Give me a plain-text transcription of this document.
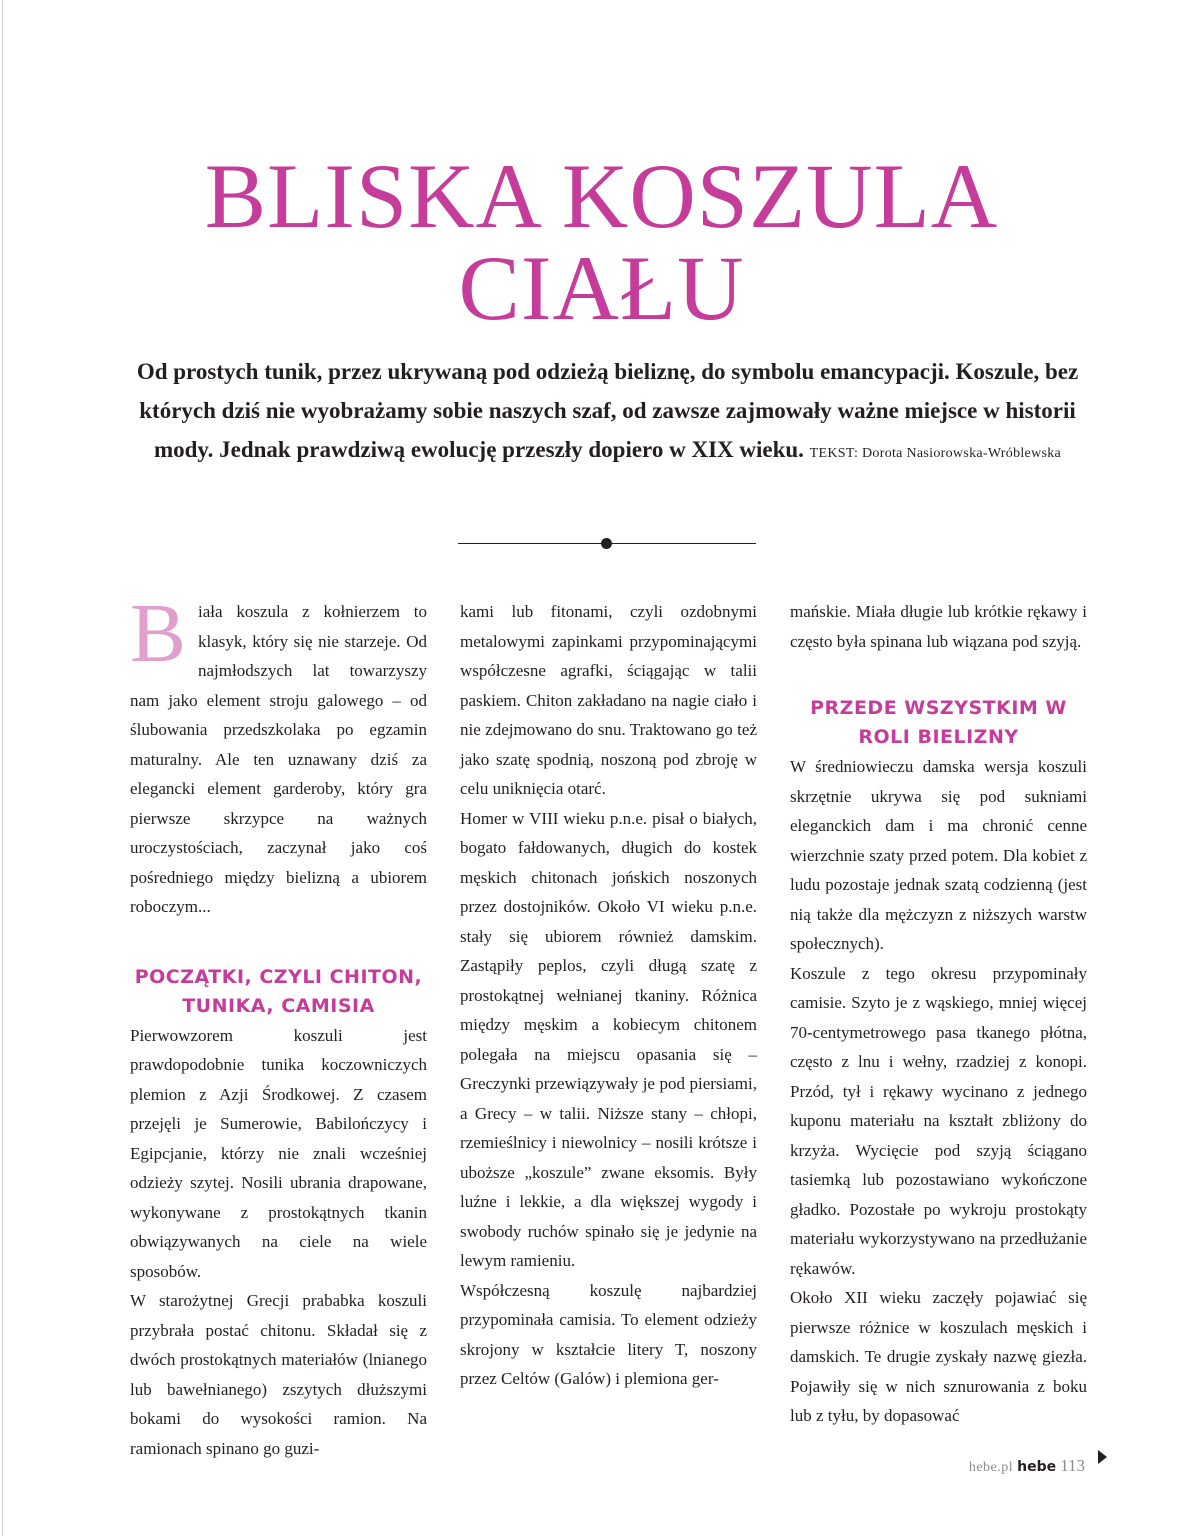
BLISKA KOSZULA
CIAŁU

Od prostych tunik, przez ukrywaną pod odzieżą bieliznę, do symbolu emancypacji. Koszule, bez których dziś nie wyobrażamy sobie naszych szaf, od zawsze zajmowały ważne miejsce w historii mody. Jednak prawdziwą ewolucję przeszły dopiero w XIX wieku. TEKST: Dorota Nasiorowska-Wróblewska

Biała koszula z kołnierzem to klasyk, który się nie starzeje. Od najmłodszych lat towarzyszy nam jako element stroju galowego – od ślubowania przedszkolaka po egzamin maturalny. Ale ten uznawany dziś za elegancki element garderoby, który gra pierwsze skrzypce na ważnych uroczystościach, zaczynał jako coś pośredniego między bielizną a ubiorem roboczym...

POCZĄTKI, CZYLI CHITON, TUNIKA, CAMISIA

Pierwowzorem koszuli jest prawdopodobnie tunika koczowniczych plemion z Azji Środkowej. Z czasem przejęli je Sumerowie, Babilończycy i Egipcjanie, którzy nie znali wcześniej odzieży szytej. Nosili ubrania drapowane, wykonywane z prostokątnych tkanin obwiązywanych na ciele na wiele sposobów.

W starożytnej Grecji prababka koszuli przybrała postać chitonu. Składał się z dwóch prostokątnych materiałów (lnianego lub bawełnianego) zszytych dłuższymi bokami do wysokości ramion. Na ramionach spinano go guzi-

kami lub fitonami, czyli ozdobnymi metalowymi zapinkami przypominającymi współczesne agrafki, ściągając w talii paskiem. Chiton zakładano na nagie ciało i nie zdejmowano do snu. Traktowano go też jako szatę spodnią, noszoną pod zbroję w celu uniknięcia otarć.

Homer w VIII wieku p.n.e. pisał o białych, bogato fałdowanych, długich do kostek męskich chitonach jońskich noszonych przez dostojników. Około VI wieku p.n.e. stały się ubiorem również damskim. Zastąpiły peplos, czyli długą szatę z prostokątnej wełnianej tkaniny. Różnica między męskim a kobiecym chitonem polegała na miejscu opasania się – Greczynki przewiązywały je pod piersiami, a Grecy – w talii. Niższe stany – chłopi, rzemieślnicy i niewolnicy – nosili krótsze i uboższe „koszule” zwane eksomis. Były luźne i lekkie, a dla większej wygody i swobody ruchów spinało się je jedynie na lewym ramieniu.

Współczesną koszulę najbardziej przypominała camisia. To element odzieży skrojony w kształcie litery T, noszony przez Celtów (Galów) i plemiona ger-

mańskie. Miała długie lub krótkie rękawy i często była spinana lub wiązana pod szyją.

PRZEDE WSZYSTKIM W ROLI BIELIZNY

W średniowieczu damska wersja koszuli skrzętnie ukrywa się pod sukniami eleganckich dam i ma chronić cenne wierzchnie szaty przed potem. Dla kobiet z ludu pozostaje jednak szatą codzienną (jest nią także dla mężczyzn z niższych warstw społecznych).

Koszule z tego okresu przypominały camisie. Szyto je z wąskiego, mniej więcej 70-centymetrowego pasa tkanego płótna, często z lnu i wełny, rzadziej z konopi. Przód, tył i rękawy wycinano z jednego kuponu materiału na kształt zbliżony do krzyża. Wycięcie pod szyją ściągano tasiemką lub pozostawiano wykończone gładko. Pozostałe po wykroju prostokąty materiału wykorzystywano na przedłużanie rękawów.

Około XII wieku zaczęły pojawiać się pierwsze różnice w koszulach męskich i damskich. Te drugie zyskały nazwę giezła. Pojawiły się w nich sznurowania z boku lub z tyłu, by dopasować

hebe.pl hebe 113
